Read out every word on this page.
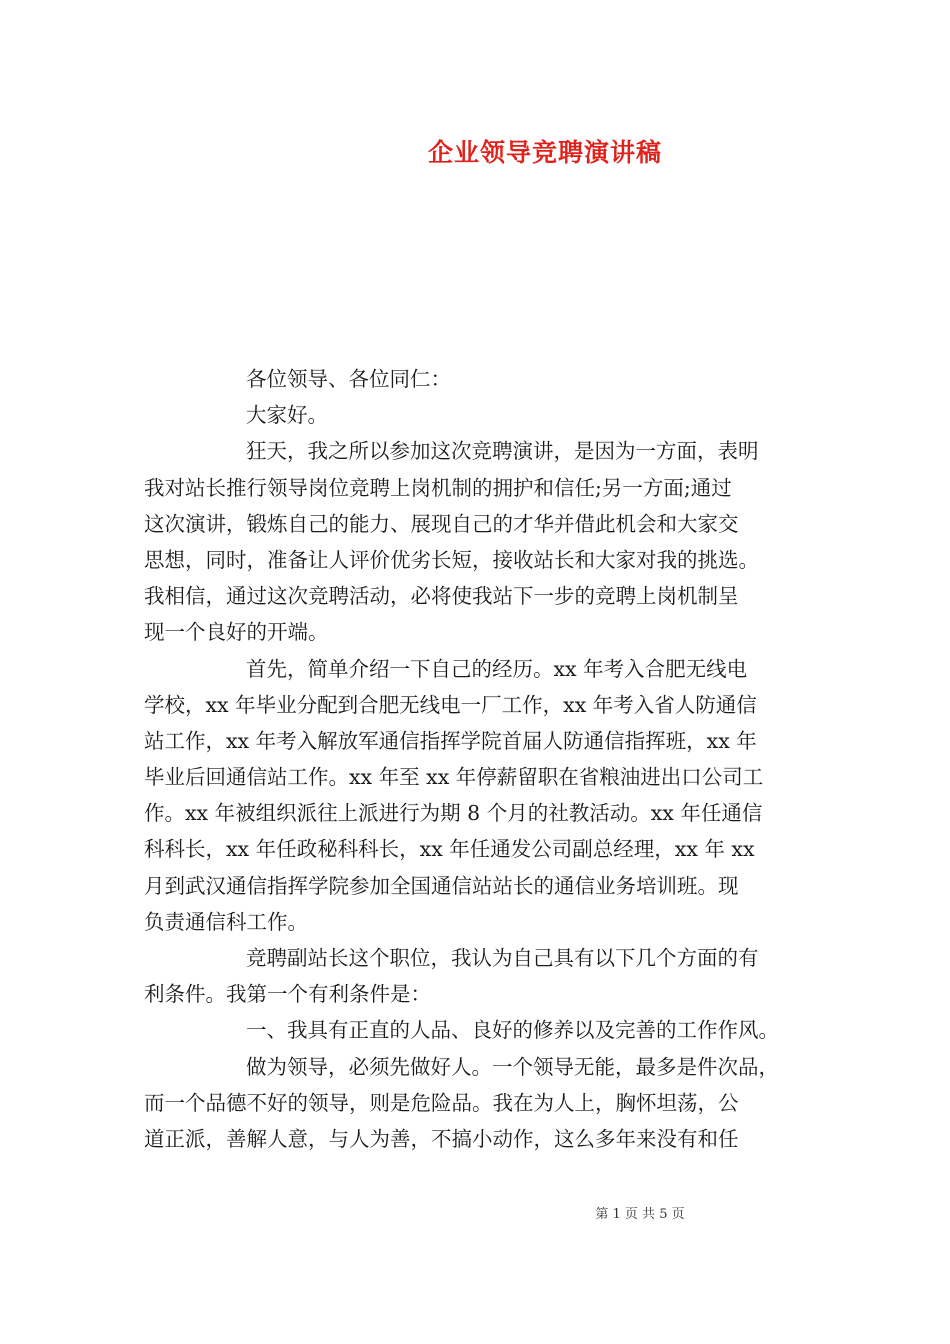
企业领导竞聘演讲稿
各位领导、各位同仁：
大家好。
狂天，我之所以参加这次竞聘演讲，是因为一方面，表明
我对站长推行领导岗位竞聘上岗机制的拥护和信任;另一方面;通过
这次演讲，锻炼自己的能力、展现自己的才华并借此机会和大家交
思想，同时，准备让人评价优劣长短，接收站长和大家对我的挑选。
我相信，通过这次竞聘活动，必将使我站下一步的竞聘上岗机制呈
现一个良好的开端。
首先，简单介绍一下自己的经历。xx 年考入合肥无线电
学校，xx 年毕业分配到合肥无线电一厂工作，xx 年考入省人防通信
站工作，xx 年考入解放军通信指挥学院首届人防通信指挥班，xx 年
毕业后回通信站工作。xx 年至 xx 年停薪留职在省粮油进出口公司工
作。xx 年被组织派往上派进行为期 8 个月的社教活动。xx 年任通信
科科长，xx 年任政秘科科长，xx 年任通发公司副总经理，xx 年 xx
月到武汉通信指挥学院参加全国通信站站长的通信业务培训班。现
负责通信科工作。
竞聘副站长这个职位，我认为自己具有以下几个方面的有
利条件。我第一个有利条件是：
一、我具有正直的人品、良好的修养以及完善的工作作风。
做为领导，必须先做好人。一个领导无能，最多是件次品，
而一个品德不好的领导，则是危险品。我在为人上，胸怀坦荡，公
道正派，善解人意，与人为善，不搞小动作，这么多年来没有和任
第 1 页 共 5 页
